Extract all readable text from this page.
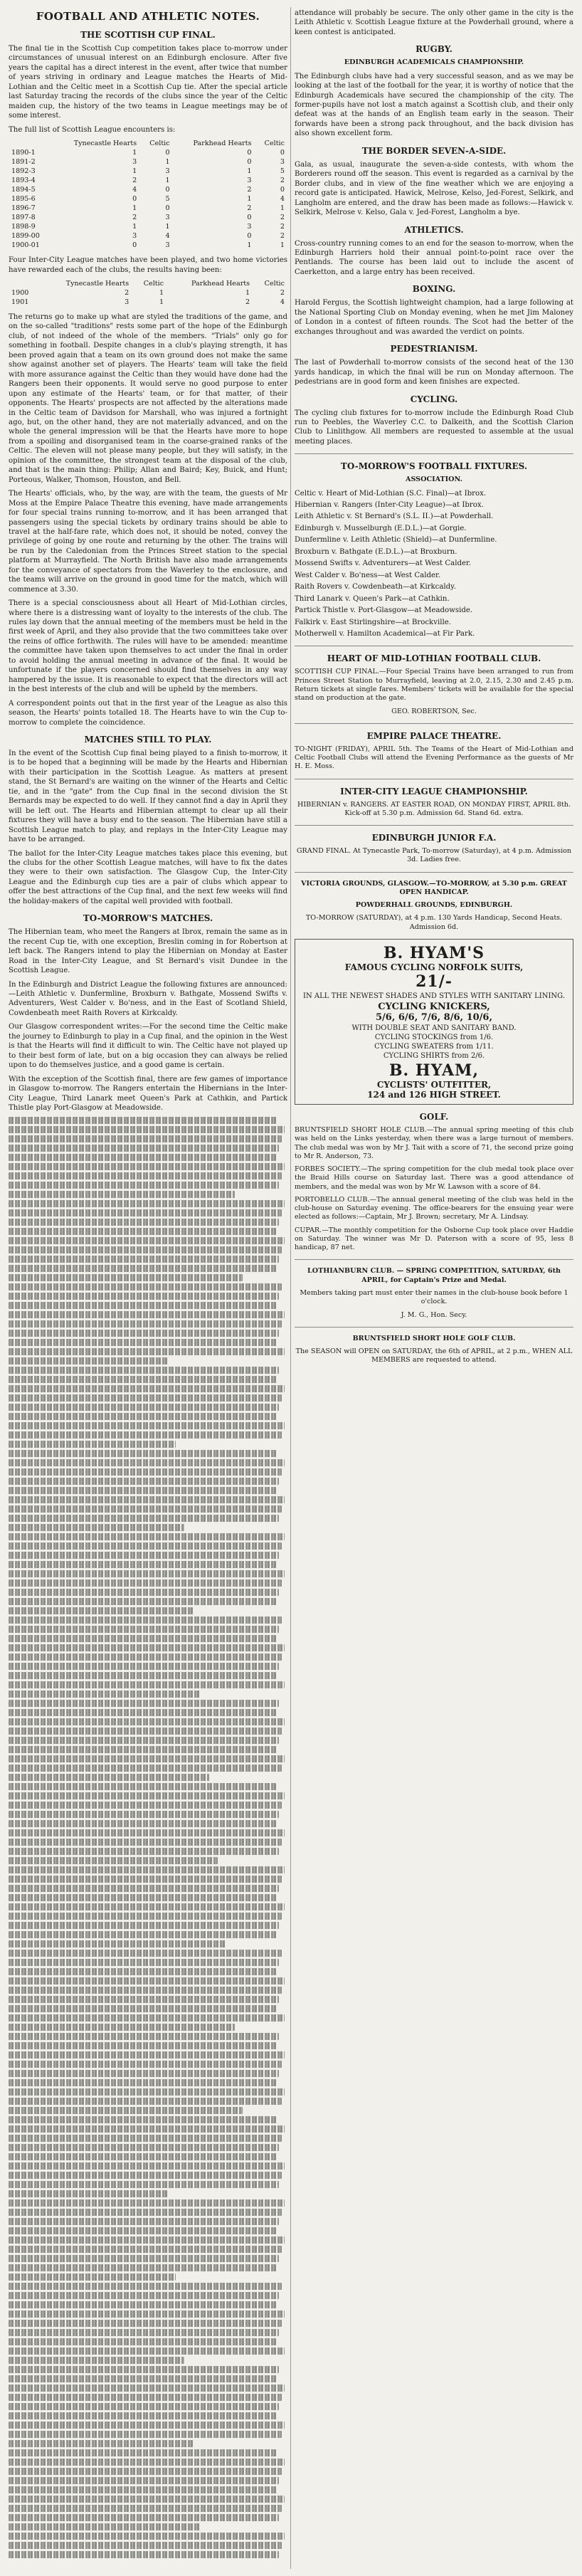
FOOTBALL AND ATHLETIC NOTES.
THE SCOTTISH CUP FINAL.

The final tie in the Scottish Cup competition takes place to-morrow under circumstances of unusual interest on an Edinburgh enclosure. After five years the capital has a direct interest in the event, after twice that number of years striving in ordinary and League matches the Hearts of Mid-Lothian and the Celtic meet in a Scottish Cup tie. After the special article last Saturday tracing the records of the clubs since the year of the Celtic maiden cup, the history of the two teams in League meetings may be of some interest.

The full list of Scottish League encounters is:

	Tynecastle Hearts	Celtic	Parkhead Hearts	Celtic
1890-1	1	0	0	0
1891-2	3	1	0	3
1892-3	1	3	1	5
1893-4	2	1	3	2
1894-5	4	0	2	0
1895-6	0	5	1	4
1896-7	1	0	2	1
1897-8	2	3	0	2
1898-9	1	1	3	2
1899-00	3	4	0	2
1900-01	0	3	1	1

Four Inter-City League matches have been played, and two home victories have rewarded each of the clubs, the results having been:

	Tynecastle Hearts	Celtic	Parkhead Hearts	Celtic
1900	2	1	1	2
1901	3	1	2	4

The returns go to make up what are styled the traditions of the game, and on the so-called "traditions" rests some part of the hope of the Edinburgh club, of not indeed of the whole of the members. "Trials" only go for something in football. Despite changes in a club's playing strength, it has been proved again that a team on its own ground does not make the same show against another set of players. The Hearts' team will take the field with more assurance against the Celtic than they would have done had the Rangers been their opponents. It would serve no good purpose to enter upon any estimate of the Hearts' team, or for that matter, of their opponents. The Hearts' prospects are not affected by the alterations made in the Celtic team of Davidson for Marshall, who was injured a fortnight ago, but, on the other hand, they are not materially advanced, and on the whole the general impression will be that the Hearts have more to hope from a spoiling and disorganised team in the coarse-grained ranks of the Celtic. The eleven will not please many people, but they will satisfy, in the opinion of the committee, the strongest team at the disposal of the club, and that is the main thing: Philip; Allan and Baird; Key, Buick, and Hunt; Porteous, Walker, Thomson, Houston, and Bell.

The Hearts' officials, who, by the way, are with the team, the guests of Mr Moss at the Empire Palace Theatre this evening, have made arrangements for four special trains running to-morrow, and it has been arranged that passengers using the special tickets by ordinary trains should be able to travel at the half-fare rate, which does not, it should be noted, convey the privilege of going by one route and returning by the other. The trains will be run by the Caledonian from the Princes Street station to the special platform at Murrayfield. The North British have also made arrangements for the conveyance of spectators from the Waverley to the enclosure, and the teams will arrive on the ground in good time for the match, which will commence at 3.30.

There is a special consciousness about all Heart of Mid-Lothian circles, where there is a distressing want of loyalty to the interests of the club. The rules lay down that the annual meeting of the members must be held in the first week of April, and they also provide that the two committees take over the reins of office forthwith. The rules will have to be amended: meantime the committee have taken upon themselves to act under the final in order to avoid holding the annual meeting in advance of the final. It would be unfortunate if the players concerned should find themselves in any way hampered by the issue. It is reasonable to expect that the directors will act in the best interests of the club and will be upheld by the members.

A correspondent points out that in the first year of the League as also this season, the Hearts' points totalled 18. The Hearts have to win the Cup to-morrow to complete the coincidence.

MATCHES STILL TO PLAY.

In the event of the Scottish Cup final being played to a finish to-morrow, it is to be hoped that a beginning will be made by the Hearts and Hibernian with their participation in the Scottish League. As matters at present stand, the St Bernard's are waiting on the winner of the Hearts and Celtic tie, and in the "gate" from the Cup final in the second division the St Bernards may be expected to do well. If they cannot find a day in April they will be left out. The Hearts and Hibernian attempt to clear up all their fixtures they will have a busy end to the season. The Hibernian have still a Scottish League match to play, and replays in the Inter-City League may have to be arranged.

The ballot for the Inter-City League matches takes place this evening, but the clubs for the other Scottish League matches, will have to fix the dates they were to their own satisfaction. The Glasgow Cup, the Inter-City League and the Edinburgh cup ties are a pair of clubs which appear to offer the best attractions of the Cup final, and the next few weeks will find the holiday-makers of the capital well provided with football.

TO-MORROW'S MATCHES.

The Hibernian team, who meet the Rangers at Ibrox, remain the same as in the recent Cup tie, with one exception, Breslin coming in for Robertson at left back. The Rangers intend to play the Hibernian on Monday at Easter Road in the Inter-City League, and St Bernard's visit Dundee in the Scottish League.

In the Edinburgh and District League the following fixtures are announced:—Leith Athletic v. Dunfermline, Broxburn v. Bathgate, Mossend Swifts v. Adventurers, West Calder v. Bo'ness, and in the East of Scotland Shield, Cowdenbeath meet Raith Rovers at Kirkcaldy.

Our Glasgow correspondent writes:—For the second time the Celtic make the journey to Edinburgh to play in a Cup final, and the opinion in the West is that the Hearts will find it difficult to win. The Celtic have not played up to their best form of late, but on a big occasion they can always be relied upon to do themselves justice, and a good game is certain.

With the exception of the Scottish final, there are few games of importance in Glasgow to-morrow. The Rangers entertain the Hibernians in the Inter-City League, Third Lanark meet Queen's Park at Cathkin, and Partick Thistle play Port-Glasgow at Meadowside.

attendance will probably be secure. The only other game in the city is the Leith Athletic v. Scottish League fixture at the Powderhall ground, where a keen contest is anticipated.

RUGBY.
EDINBURGH ACADEMICALS CHAMPIONSHIP.

The Edinburgh clubs have had a very successful season, and as we may be looking at the last of the football for the year, it is worthy of notice that the Edinburgh Academicals have secured the championship of the city. The former-pupils have not lost a match against a Scottish club, and their only defeat was at the hands of an English team early in the season. Their forwards have been a strong pack throughout, and the back division has also shown excellent form.

THE BORDER SEVEN-A-SIDE.

Gala, as usual, inaugurate the seven-a-side contests, with whom the Borderers round off the season. This event is regarded as a carnival by the Border clubs, and in view of the fine weather which we are enjoying a record gate is anticipated. Hawick, Melrose, Kelso, Jed-Forest, Selkirk, and Langholm are entered, and the draw has been made as follows:—Hawick v. Selkirk, Melrose v. Kelso, Gala v. Jed-Forest, Langholm a bye.

ATHLETICS.

Cross-country running comes to an end for the season to-morrow, when the Edinburgh Harriers hold their annual point-to-point race over the Pentlands. The course has been laid out to include the ascent of Caerketton, and a large entry has been received.

BOXING.

Harold Fergus, the Scottish lightweight champion, had a large following at the National Sporting Club on Monday evening, when he met Jim Maloney of London in a contest of fifteen rounds. The Scot had the better of the exchanges throughout and was awarded the verdict on points.

PEDESTRIANISM.

The last of Powderhall to-morrow consists of the second heat of the 130 yards handicap, in which the final will be run on Monday afternoon. The pedestrians are in good form and keen finishes are expected.

CYCLING.

The cycling club fixtures for to-morrow include the Edinburgh Road Club run to Peebles, the Waverley C.C. to Dalkeith, and the Scottish Clarion Club to Linlithgow. All members are requested to assemble at the usual meeting places.

TO-MORROW'S FOOTBALL FIXTURES.
ASSOCIATION.

Celtic v. Heart of Mid-Lothian (S.C. Final)—at Ibrox.

Hibernian v. Rangers (Inter-City League)—at Ibrox.

Leith Athletic v. St Bernard's (S.L. II.)—at Powderhall.

Edinburgh v. Musselburgh (E.D.L.)—at Gorgie.

Dunfermline v. Leith Athletic (Shield)—at Dunfermline.

Broxburn v. Bathgate (E.D.L.)—at Broxburn.

Mossend Swifts v. Adventurers—at West Calder.

West Calder v. Bo'ness—at West Calder.

Raith Rovers v. Cowdenbeath—at Kirkcaldy.

Third Lanark v. Queen's Park—at Cathkin.

Partick Thistle v. Port-Glasgow—at Meadowside.

Falkirk v. East Stirlingshire—at Brockville.

Motherwell v. Hamilton Academical—at Fir Park.

HEART OF MID-LOTHIAN FOOTBALL CLUB.

SCOTTISH CUP FINAL.—Four Special Trains have been arranged to run from Princes Street Station to Murrayfield, leaving at 2.0, 2.15, 2.30 and 2.45 p.m. Return tickets at single fares. Members' tickets will be available for the special stand on production at the gate.

GEO. ROBERTSON, Sec.

EMPIRE PALACE THEATRE.

TO-NIGHT (FRIDAY), APRIL 5th. The Teams of the Heart of Mid-Lothian and Celtic Football Clubs will attend the Evening Performance as the guests of Mr H. E. Moss.

INTER-CITY LEAGUE CHAMPIONSHIP.

HIBERNIAN v. RANGERS. AT EASTER ROAD, ON MONDAY FIRST, APRIL 8th. Kick-off at 5.30 p.m. Admission 6d. Stand 6d. extra.

EDINBURGH JUNIOR F.A.

GRAND FINAL. At Tynecastle Park, To-morrow (Saturday), at 4 p.m. Admission 3d. Ladies free.

VICTORIA GROUNDS, GLASGOW.—TO-MORROW, at 5.30 p.m. GREAT OPEN HANDICAP.

POWDERHALL GROUNDS, EDINBURGH.

TO-MORROW (SATURDAY), at 4 p.m. 130 Yards Handicap, Second Heats. Admission 6d.

B. HYAM'S
FAMOUS CYCLING NORFOLK SUITS,
21/-
IN ALL THE NEWEST SHADES AND STYLES WITH SANITARY LINING.
CYCLING KNICKERS,
5/6, 6/6, 7/6, 8/6, 10/6,
WITH DOUBLE SEAT AND SANITARY BAND.
CYCLING STOCKINGS from 1/6.
CYCLING SWEATERS from 1/11.
CYCLING SHIRTS from 2/6.
B. HYAM,
CYCLISTS' OUTFITTER,
124 and 126 HIGH STREET.
GOLF.

BRUNTSFIELD SHORT HOLE CLUB.—The annual spring meeting of this club was held on the Links yesterday, when there was a large turnout of members. The club medal was won by Mr J. Tait with a score of 71, the second prize going to Mr R. Anderson, 73.

FORBES SOCIETY.—The spring competition for the club medal took place over the Braid Hills course on Saturday last. There was a good attendance of members, and the medal was won by Mr W. Lawson with a score of 84.

PORTOBELLO CLUB.—The annual general meeting of the club was held in the club-house on Saturday evening. The office-bearers for the ensuing year were elected as follows:—Captain, Mr J. Brown; secretary, Mr A. Lindsay.

CUPAR.—The monthly competition for the Osborne Cup took place over Haddie on Saturday. The winner was Mr D. Paterson with a score of 95, less 8 handicap, 87 net.

LOTHIANBURN CLUB. — SPRING COMPETITION, SATURDAY, 6th APRIL, for Captain's Prize and Medal.

Members taking part must enter their names in the club-house book before 1 o'clock.

J. M. G., Hon. Secy.

BRUNTSFIELD SHORT HOLE GOLF CLUB.

The SEASON will OPEN on SATURDAY, the 6th of APRIL, at 2 p.m., WHEN ALL MEMBERS are requested to attend.
